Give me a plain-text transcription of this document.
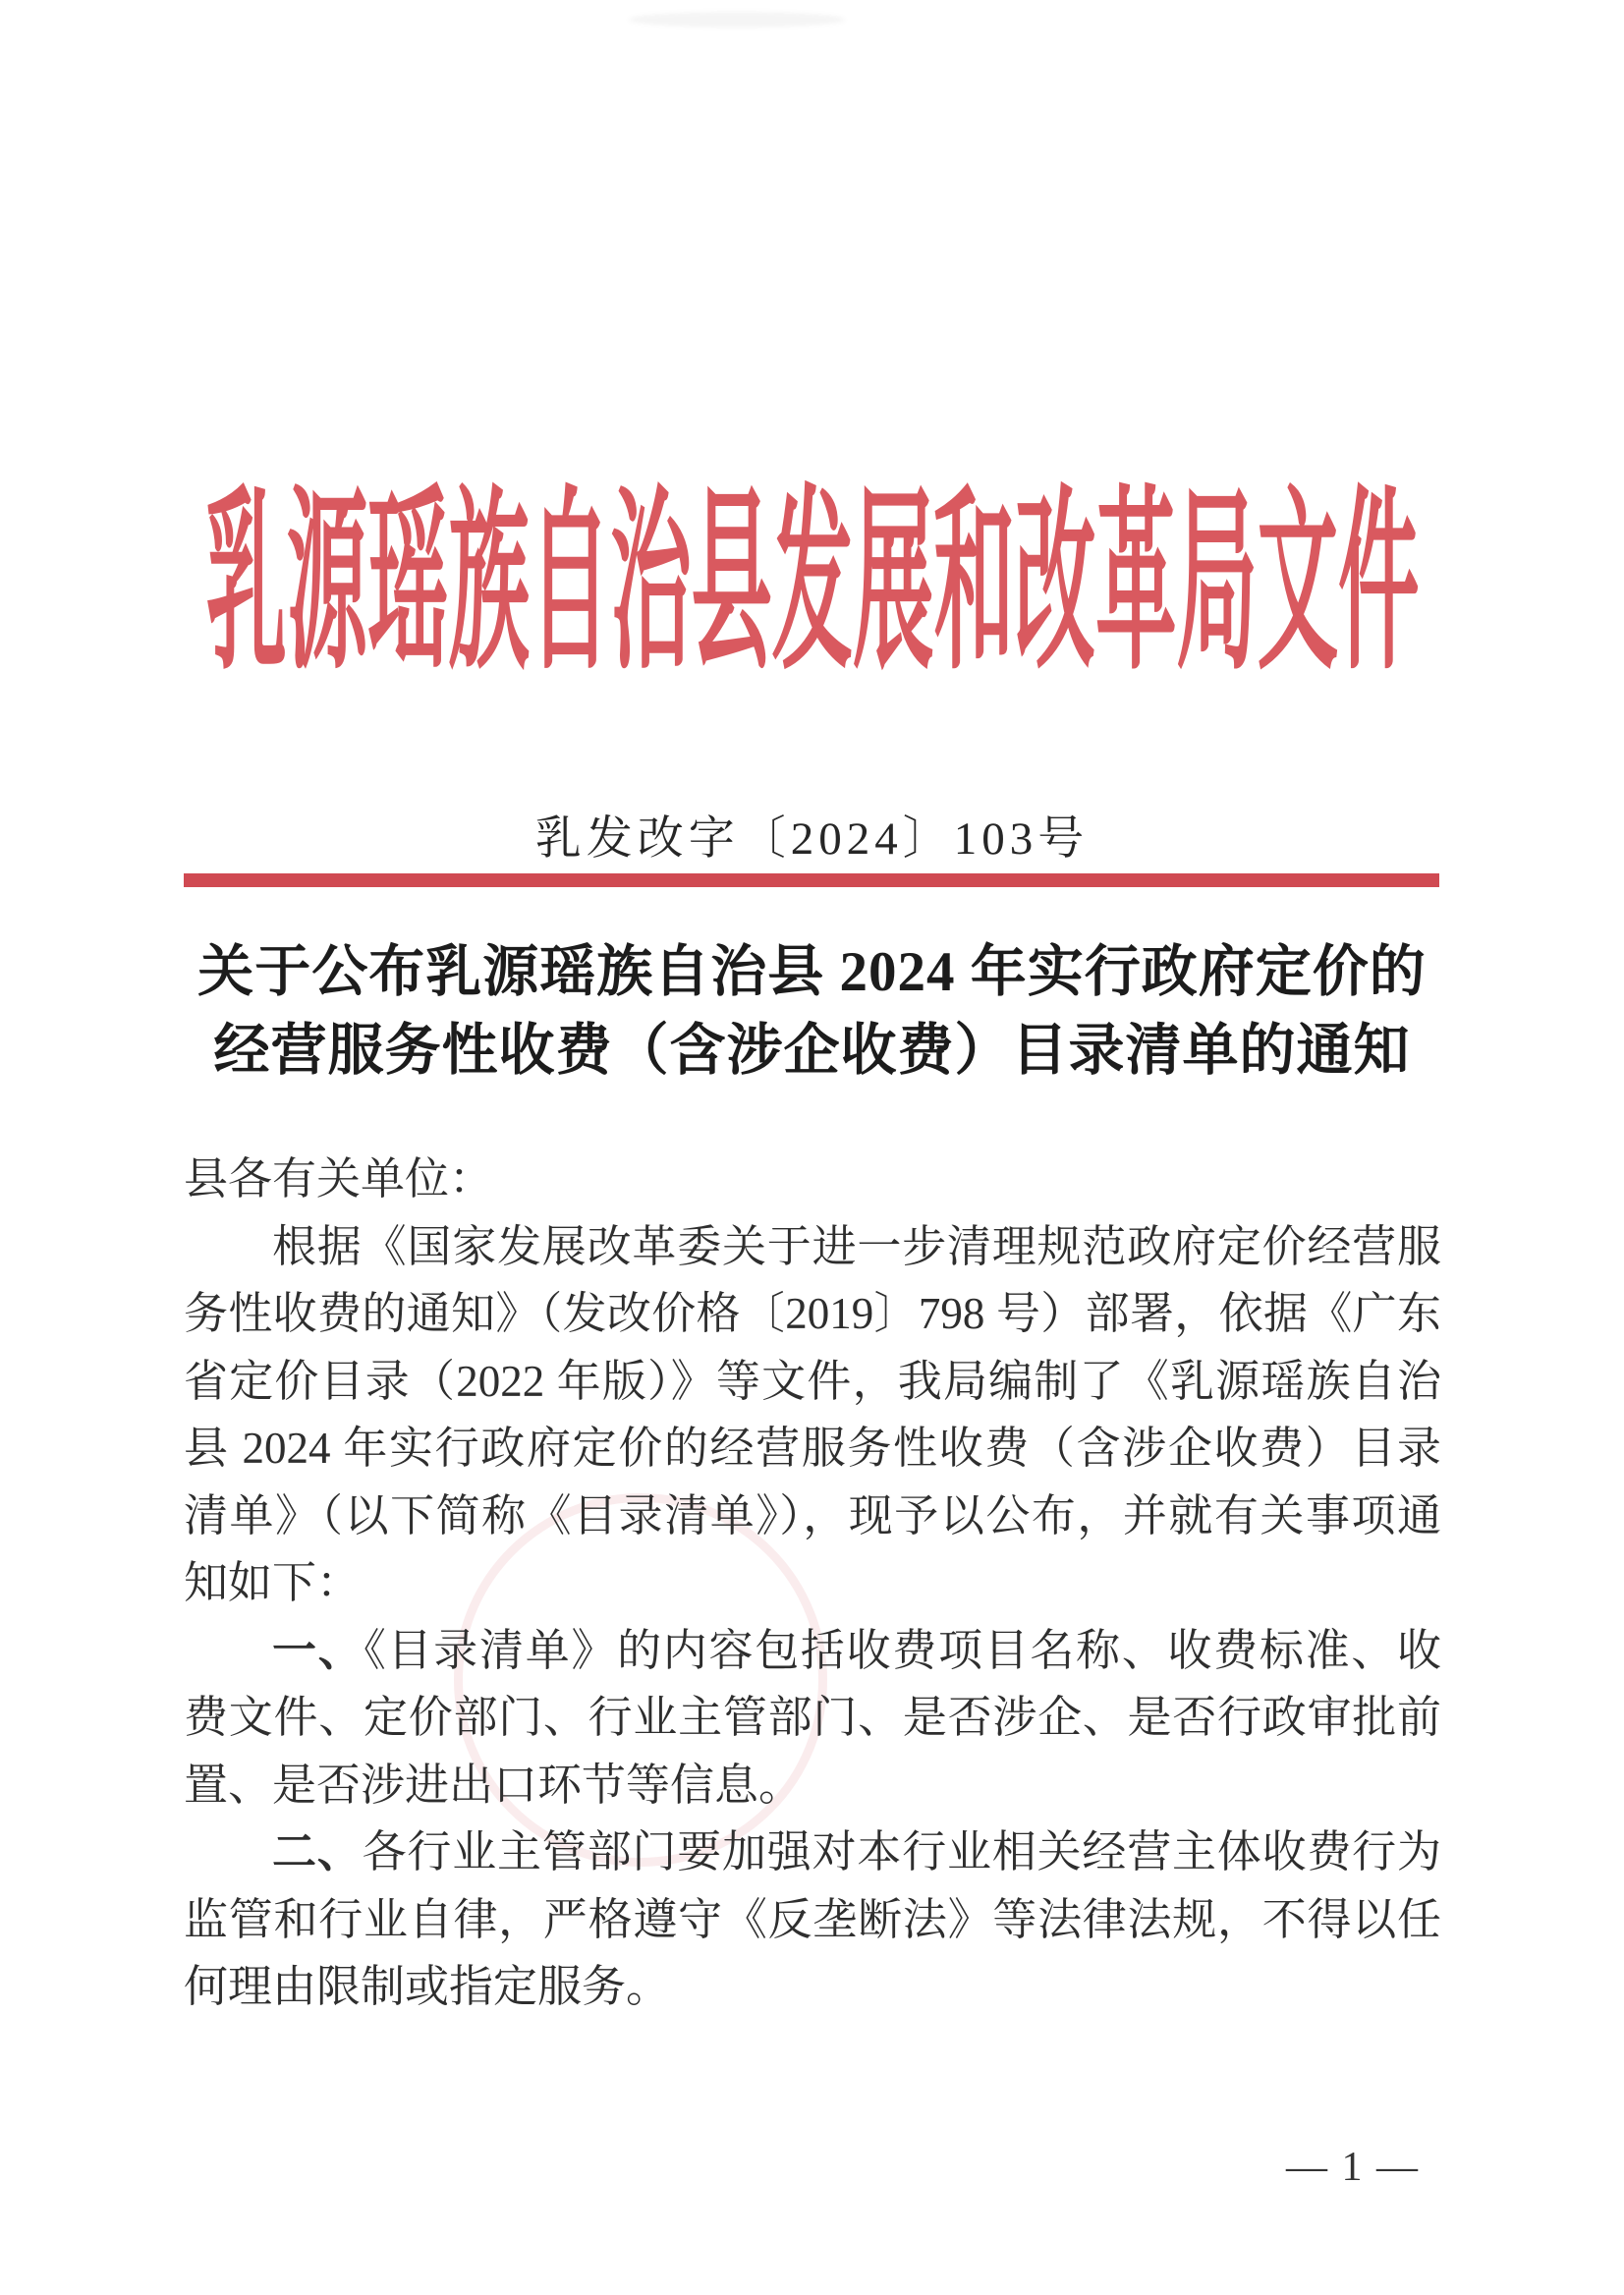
乳源瑶族自治县发展和改革局文件
乳发改字〔2024〕103号
关于公布乳源瑶族自治县 2024 年实行政府定价的
经营服务性收费（含涉企收费）目录清单的通知

县各有关单位：

根据《国家发展改革委关于进一步清理规范政府定价经营服务性收费的通知》（发改价格〔2019〕798 号）部署，依据《广东省定价目录（2022 年版）》等文件，我局编制了《乳源瑶族自治县 2024 年实行政府定价的经营服务性收费（含涉企收费）目录清单》（以下简称《目录清单》），现予以公布，并就有关事项通知如下：

一、《目录清单》的内容包括收费项目名称、收费标准、收费文件、定价部门、行业主管部门、是否涉企、是否行政审批前置、是否涉进出口环节等信息。

二、各行业主管部门要加强对本行业相关经营主体收费行为监管和行业自律，严格遵守《反垄断法》等法律法规，不得以任何理由限制或指定服务。

— 1 —
